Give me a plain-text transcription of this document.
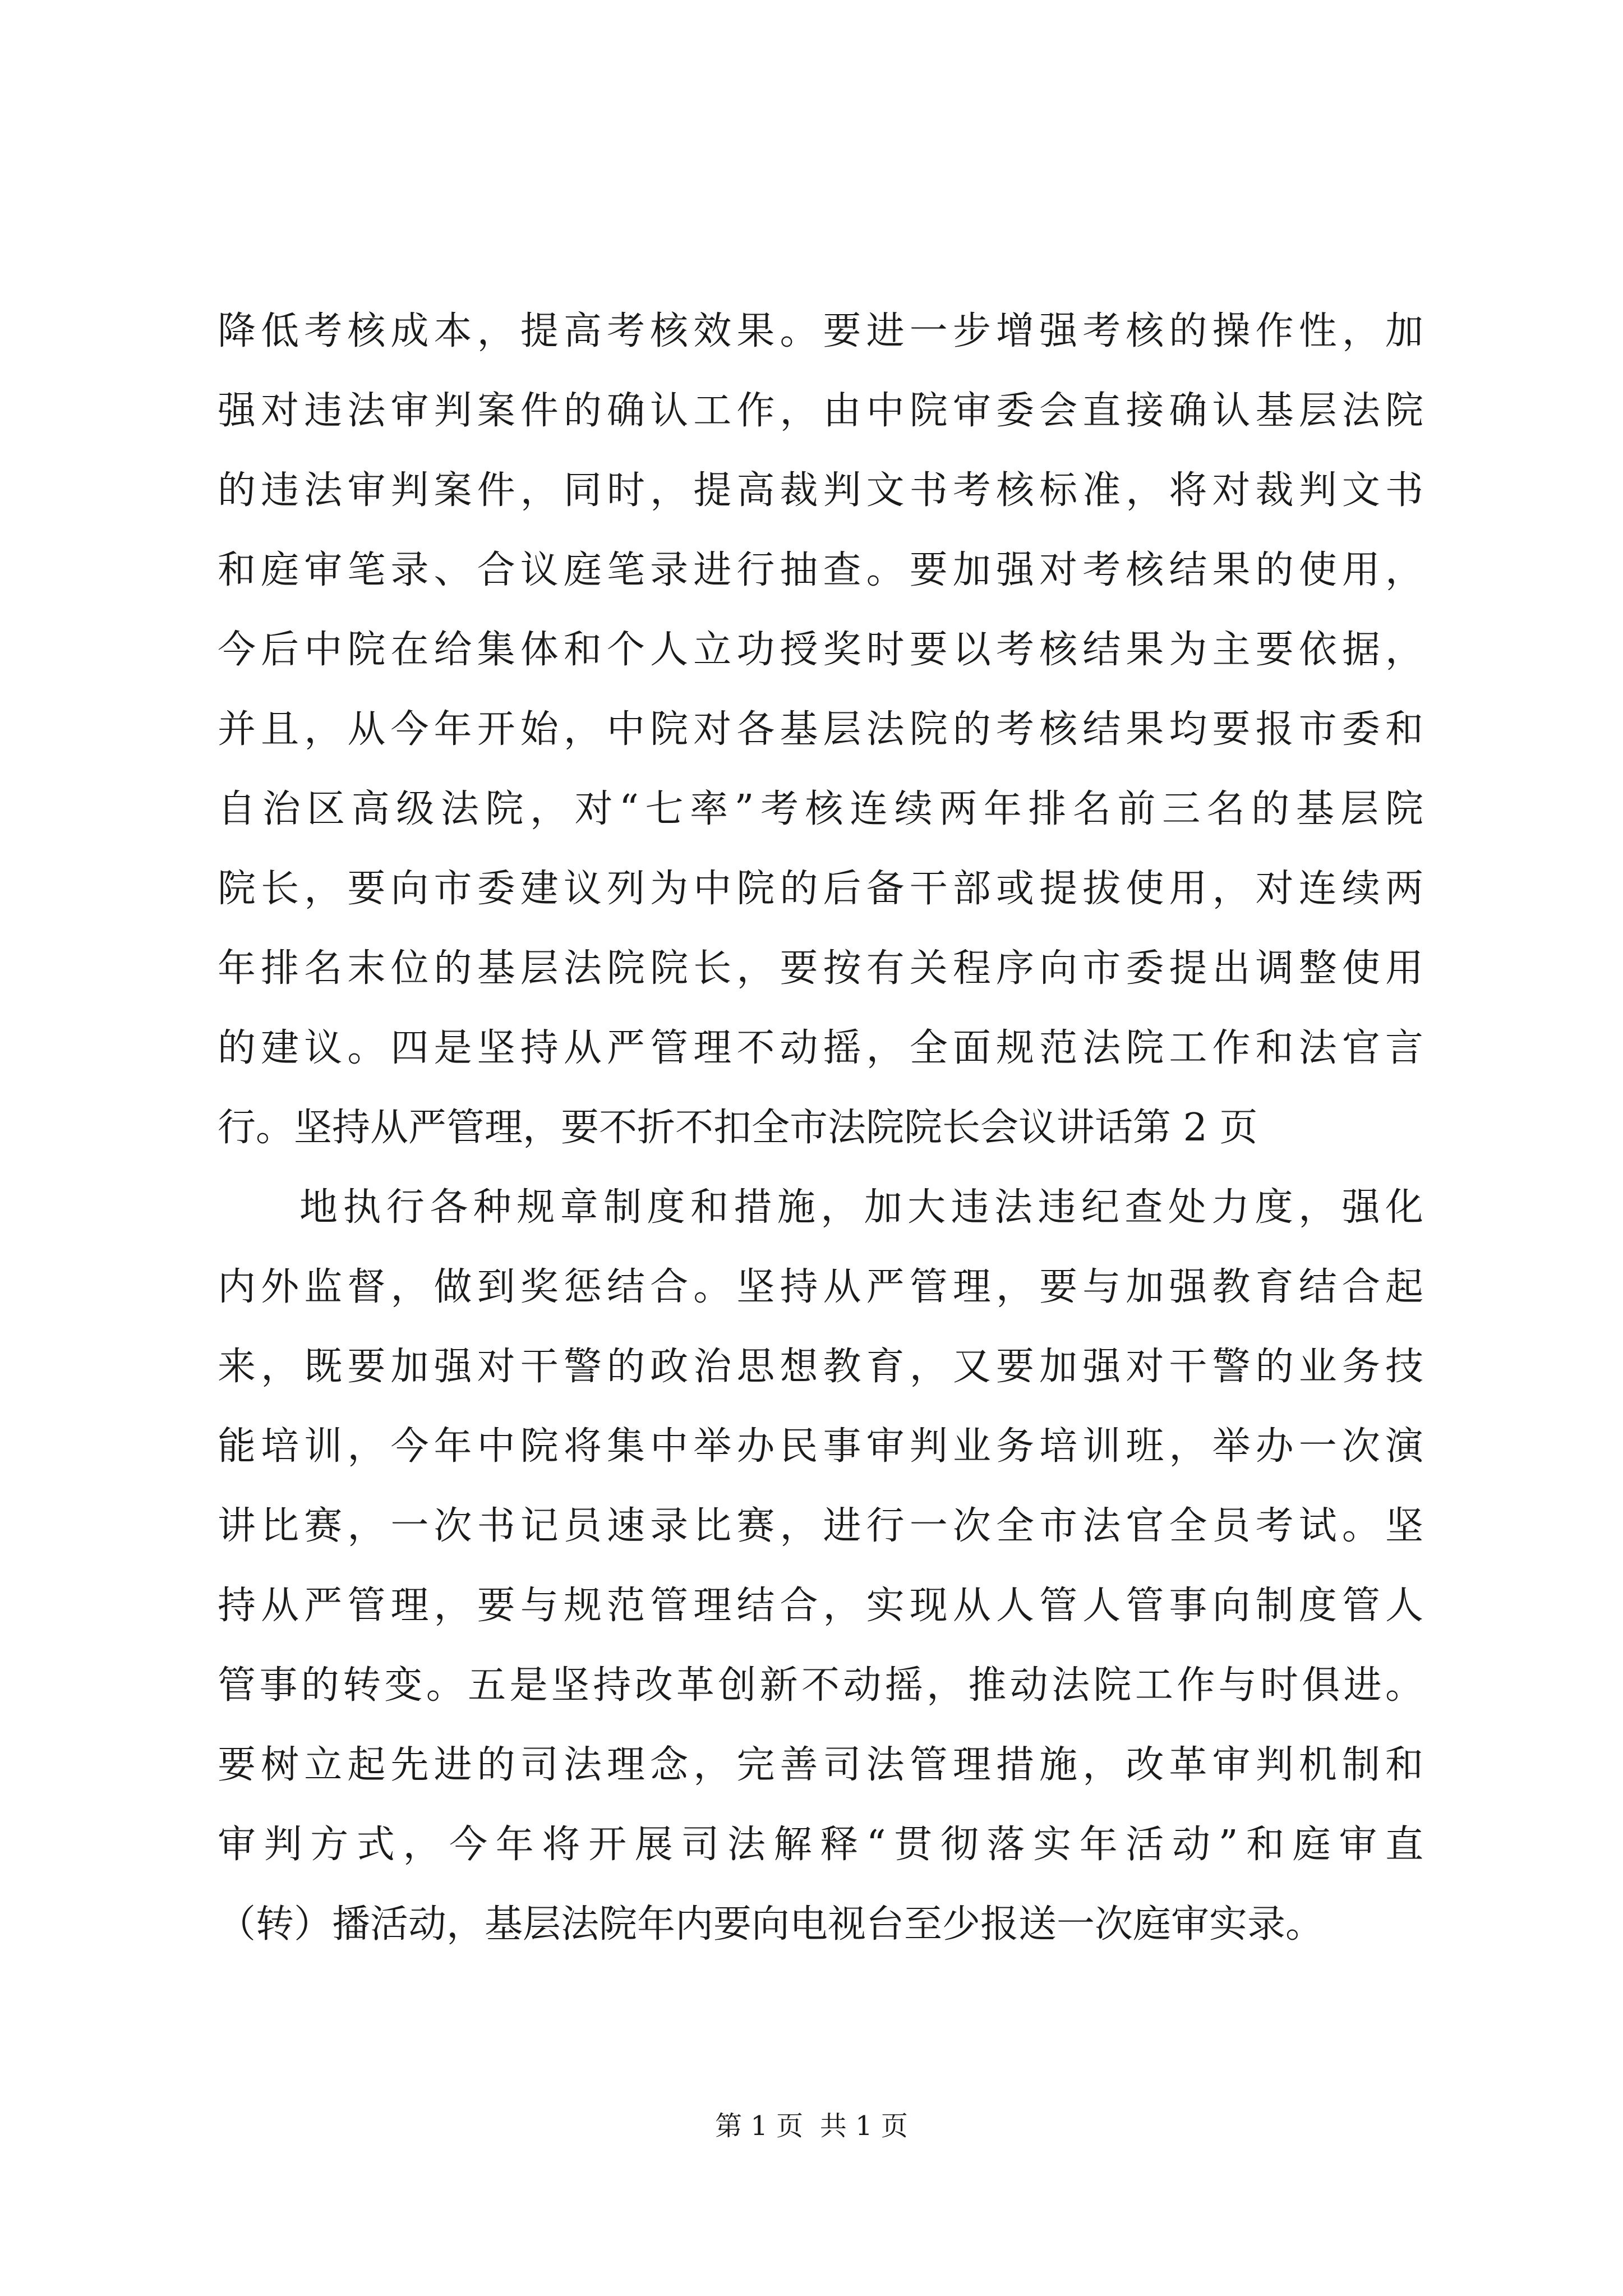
降低考核成本，提高考核效果。要进一步增强考核的操作性，加
强对违法审判案件的确认工作，由中院审委会直接确认基层法院
的违法审判案件，同时，提高裁判文书考核标准，将对裁判文书
和庭审笔录、合议庭笔录进行抽查。要加强对考核结果的使用，
今后中院在给集体和个人立功授奖时要以考核结果为主要依据，
并且，从今年开始，中院对各基层法院的考核结果均要报市委和
自治区高级法院，对“七率”考核连续两年排名前三名的基层院
院长，要向市委建议列为中院的后备干部或提拔使用，对连续两
年排名末位的基层法院院长，要按有关程序向市委提出调整使用
的建议。四是坚持从严管理不动摇，全面规范法院工作和法官言
行。坚持从严管理，要不折不扣全市法院院长会议讲话第 2 页
地执行各种规章制度和措施，加大违法违纪查处力度，强化
内外监督，做到奖惩结合。坚持从严管理，要与加强教育结合起
来，既要加强对干警的政治思想教育，又要加强对干警的业务技
能培训，今年中院将集中举办民事审判业务培训班，举办一次演
讲比赛，一次书记员速录比赛，进行一次全市法官全员考试。坚
持从严管理，要与规范管理结合，实现从人管人管事向制度管人
管事的转变。五是坚持改革创新不动摇，推动法院工作与时俱进。
要树立起先进的司法理念，完善司法管理措施，改革审判机制和
审判方式，今年将开展司法解释“贯彻落实年活动”和庭审直
（转）播活动，基层法院年内要向电视台至少报送一次庭审实录。
第 1 页 共 1 页
